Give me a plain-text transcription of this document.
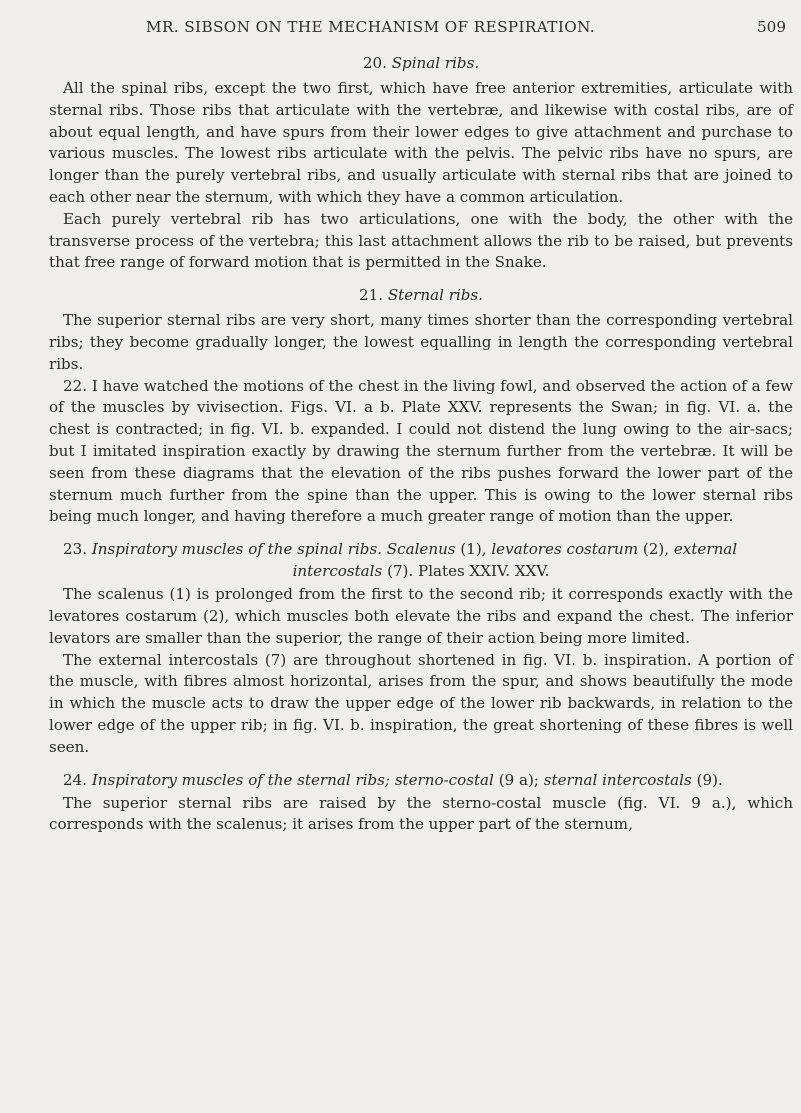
MR. SIBSON ON THE MECHANISM OF RESPIRATION.	509
20. Spinal ribs.

All the spinal ribs, except the two first, which have free anterior extremities, articulate with sternal ribs. Those ribs that articulate with the vertebræ, and likewise with costal ribs, are of about equal length, and have spurs from their lower edges to give attachment and purchase to various muscles. The lowest ribs articulate with the pelvis. The pelvic ribs have no spurs, are longer than the purely vertebral ribs, and usually articulate with sternal ribs that are joined to each other near the sternum, with which they have a common articulation.

Each purely vertebral rib has two articulations, one with the body, the other with the transverse process of the vertebra; this last attachment allows the rib to be raised, but prevents that free range of forward motion that is permitted in the Snake.

21. Sternal ribs.

The superior sternal ribs are very short, many times shorter than the corresponding vertebral ribs; they become gradually longer, the lowest equalling in length the corresponding vertebral ribs.

22. I have watched the motions of the chest in the living fowl, and observed the action of a few of the muscles by vivisection. Figs. VI. a b. Plate XXV. represents the Swan; in fig. VI. a. the chest is contracted; in fig. VI. b. expanded. I could not distend the lung owing to the air-sacs; but I imitated inspiration exactly by drawing the sternum further from the vertebræ. It will be seen from these diagrams that the elevation of the ribs pushes forward the lower part of the sternum much further from the spine than the upper. This is owing to the lower sternal ribs being much longer, and having therefore a much greater range of motion than the upper.

23. Inspiratory muscles of the spinal ribs. Scalenus (1), levatores costarum (2), external
intercostals (7). Plates XXIV. XXV.

The scalenus (1) is prolonged from the first to the second rib; it corresponds exactly with the levatores costarum (2), which muscles both elevate the ribs and expand the chest. The inferior levators are smaller than the superior, the range of their action being more limited.

The external intercostals (7) are throughout shortened in fig. VI. b. inspiration. A portion of the muscle, with fibres almost horizontal, arises from the spur, and shows beautifully the mode in which the muscle acts to draw the upper edge of the lower rib backwards, in relation to the lower edge of the upper rib; in fig. VI. b. inspiration, the great shortening of these fibres is well seen.

24. Inspiratory muscles of the sternal ribs; sterno-costal (9 a); sternal intercostals (9).

The superior sternal ribs are raised by the sterno-costal muscle (fig. VI. 9 a.), which corresponds with the scalenus; it arises from the upper part of the sternum,
